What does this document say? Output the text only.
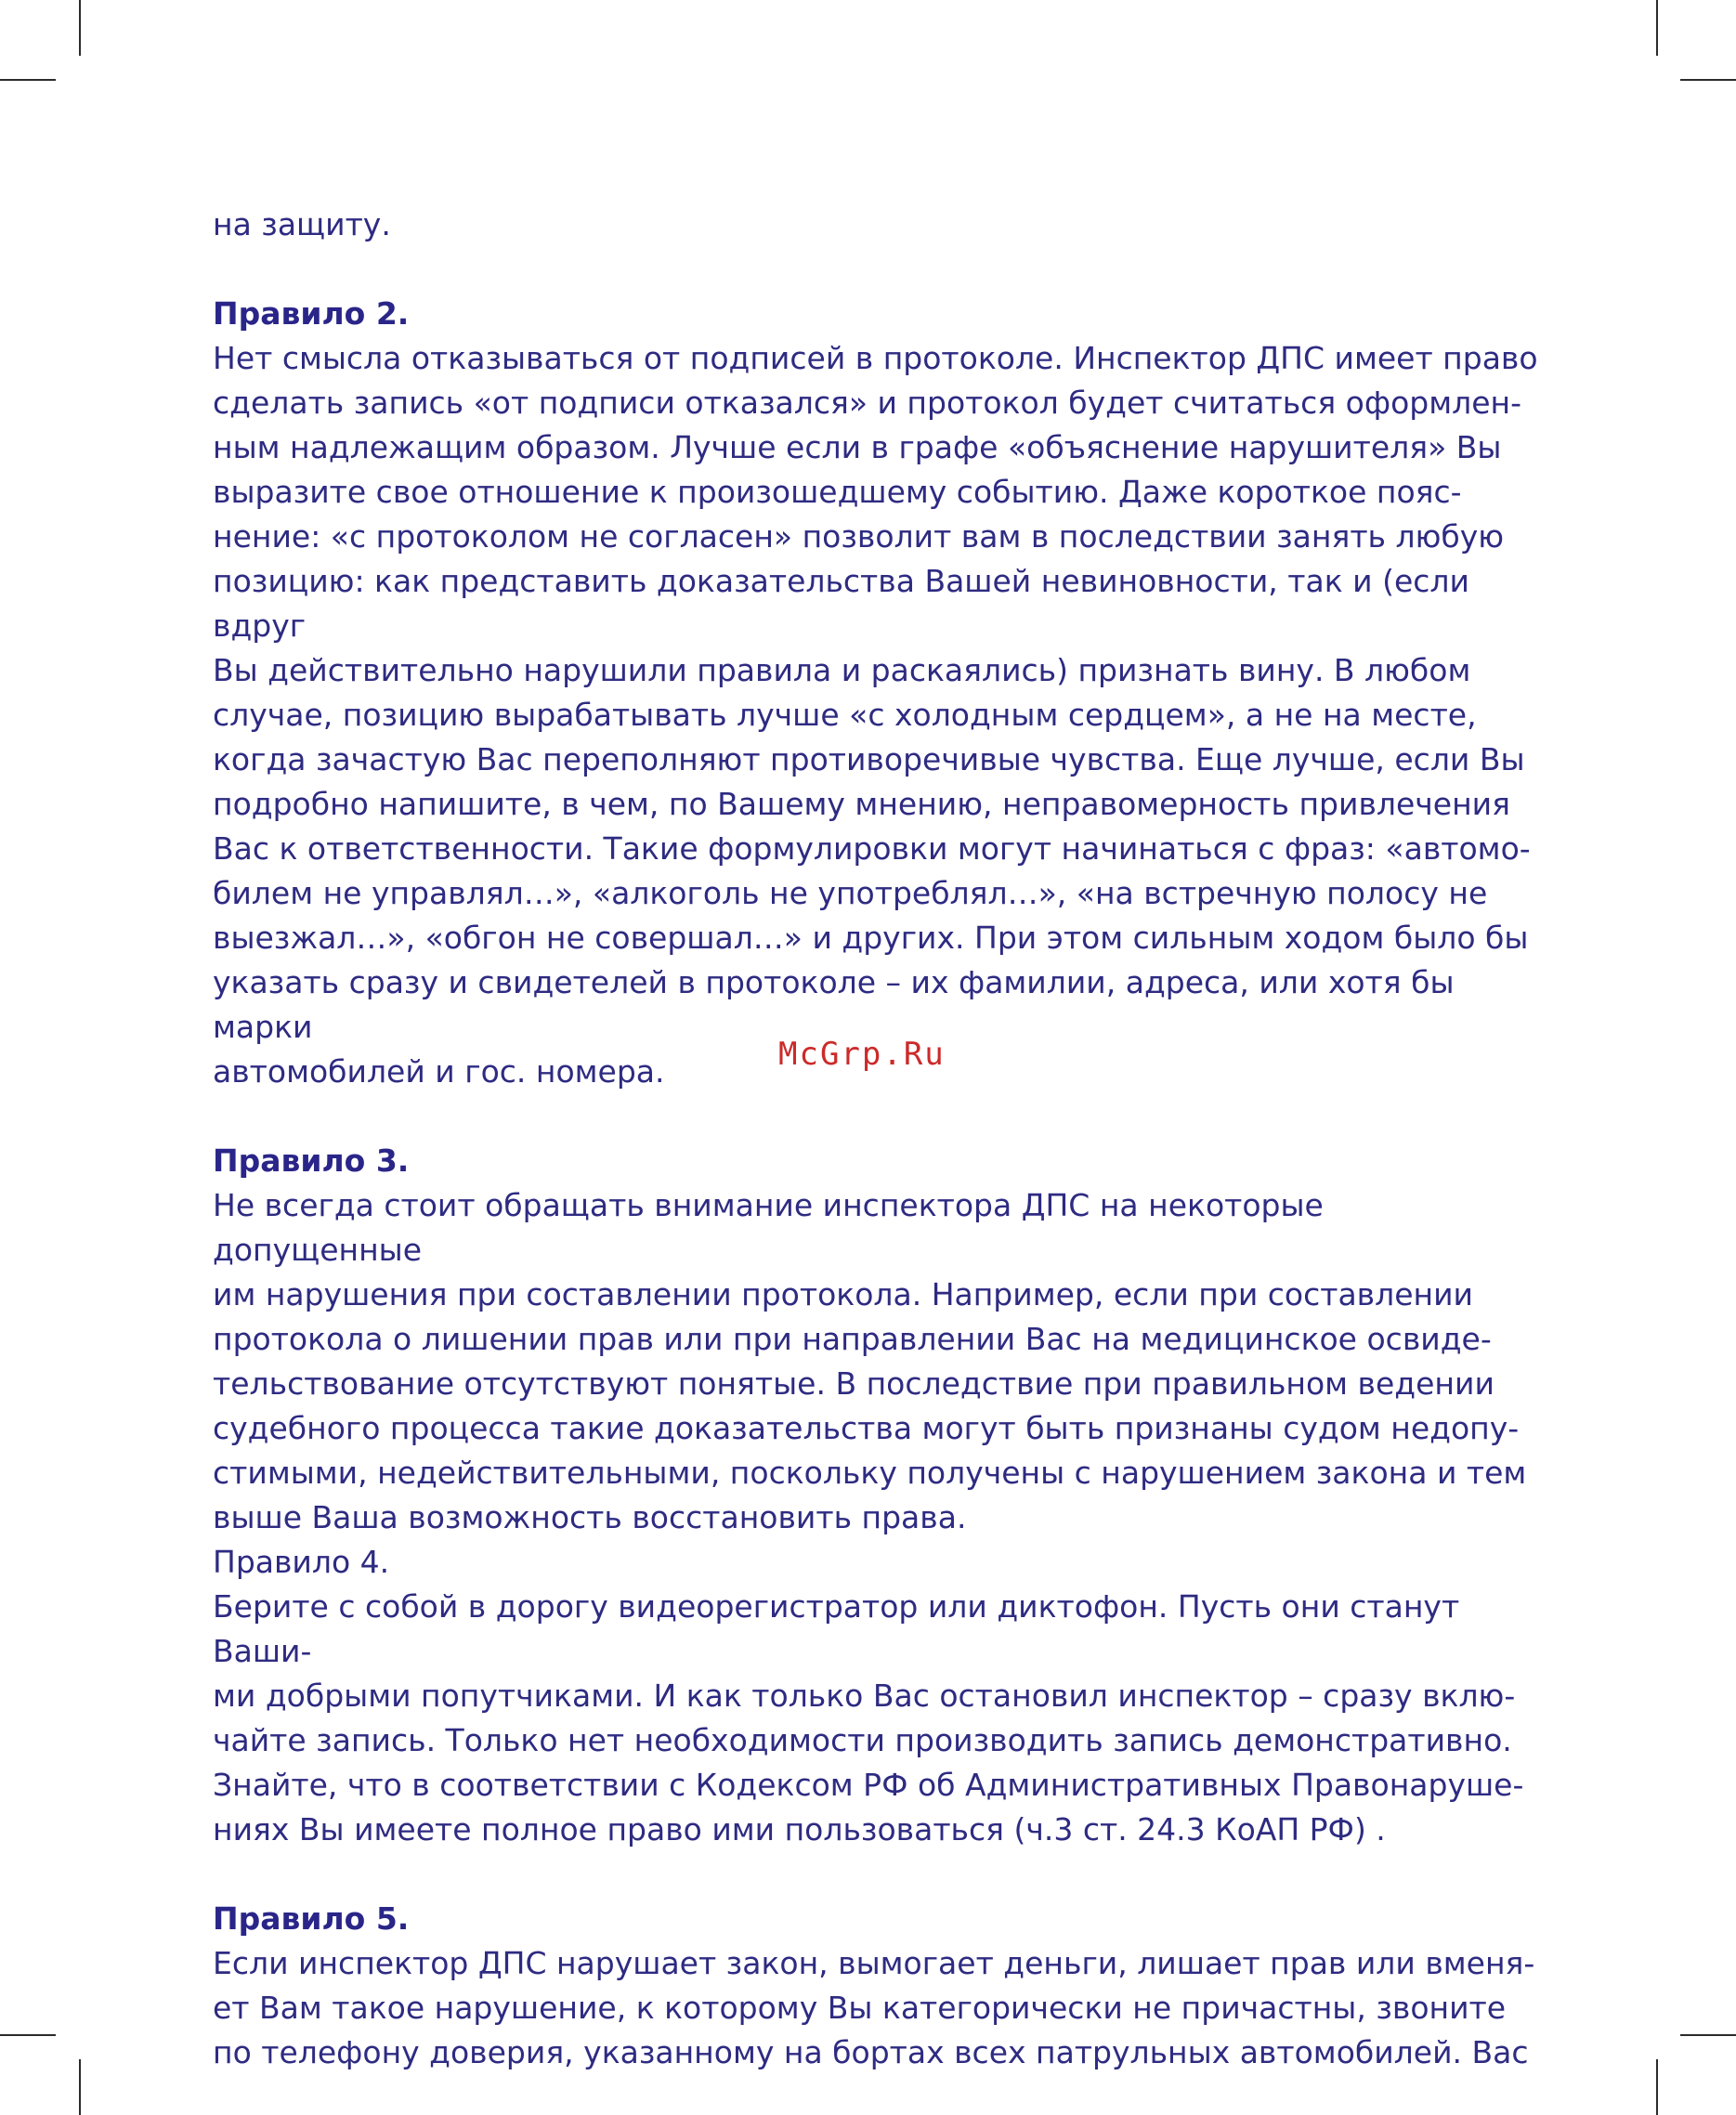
McGrp.Ru

на защиту.

Правило 2.

Нет смысла отказываться от подписей в протоколе. Инспектор ДПС имеет право
сделать запись «от подписи отказался» и протокол будет считаться оформлен-
ным надлежащим образом. Лучше если в графе «объяснение нарушителя» Вы
выразите свое отношение к произошедшему событию. Даже короткое пояс-
нение: «с протоколом не согласен» позволит вам в последствии занять любую
позицию: как представить доказательства Вашей невиновности, так и (если вдруг
Вы действительно нарушили правила и раскаялись) признать вину. В любом
случае, позицию вырабатывать лучше «с холодным сердцем», а не на месте,
когда зачастую Вас переполняют противоречивые чувства. Еще лучше, если Вы
подробно напишите, в чем, по Вашему мнению, неправомерность привлечения
Вас к ответственности. Такие формулировки могут начинаться с фраз: «автомо-
билем не управлял…», «алкоголь не употреблял…», «на встречную полосу не
выезжал…», «обгон не совершал…» и других. При этом сильным ходом было бы
указать сразу и свидетелей в протоколе – их фамилии, адреса, или хотя бы марки
автомобилей и гос. номера.

Правило 3.

Не всегда стоит обращать внимание инспектора ДПС на некоторые допущенные
им нарушения при составлении протокола. Например, если при составлении
протокола о лишении прав или при направлении Вас на медицинское освиде-
тельствование отсутствуют понятые. В последствие при правильном ведении
судебного процесса такие доказательства могут быть признаны судом недопу-
стимыми, недействительными, поскольку получены с нарушением закона и тем
выше Ваша возможность восстановить права.

Правило 4.

Берите с собой в дорогу видеорегистратор или диктофон. Пусть они станут Ваши-
ми добрыми попутчиками. И как только Вас остановил инспектор – сразу вклю-
чайте запись. Только нет необходимости производить запись демонстративно.
Знайте, что в соответствии с Кодексом РФ об Административных Правонаруше-
ниях Вы имеете полное право ими пользоваться (ч.3 ст. 24.3 КоАП РФ) .

Правило 5.

Если инспектор ДПС нарушает закон, вымогает деньги, лишает прав или вменя-
ет Вам такое нарушение, к которому Вы категорически не причастны, звоните
по телефону доверия, указанному на бортах всех патрульных автомобилей. Вас
